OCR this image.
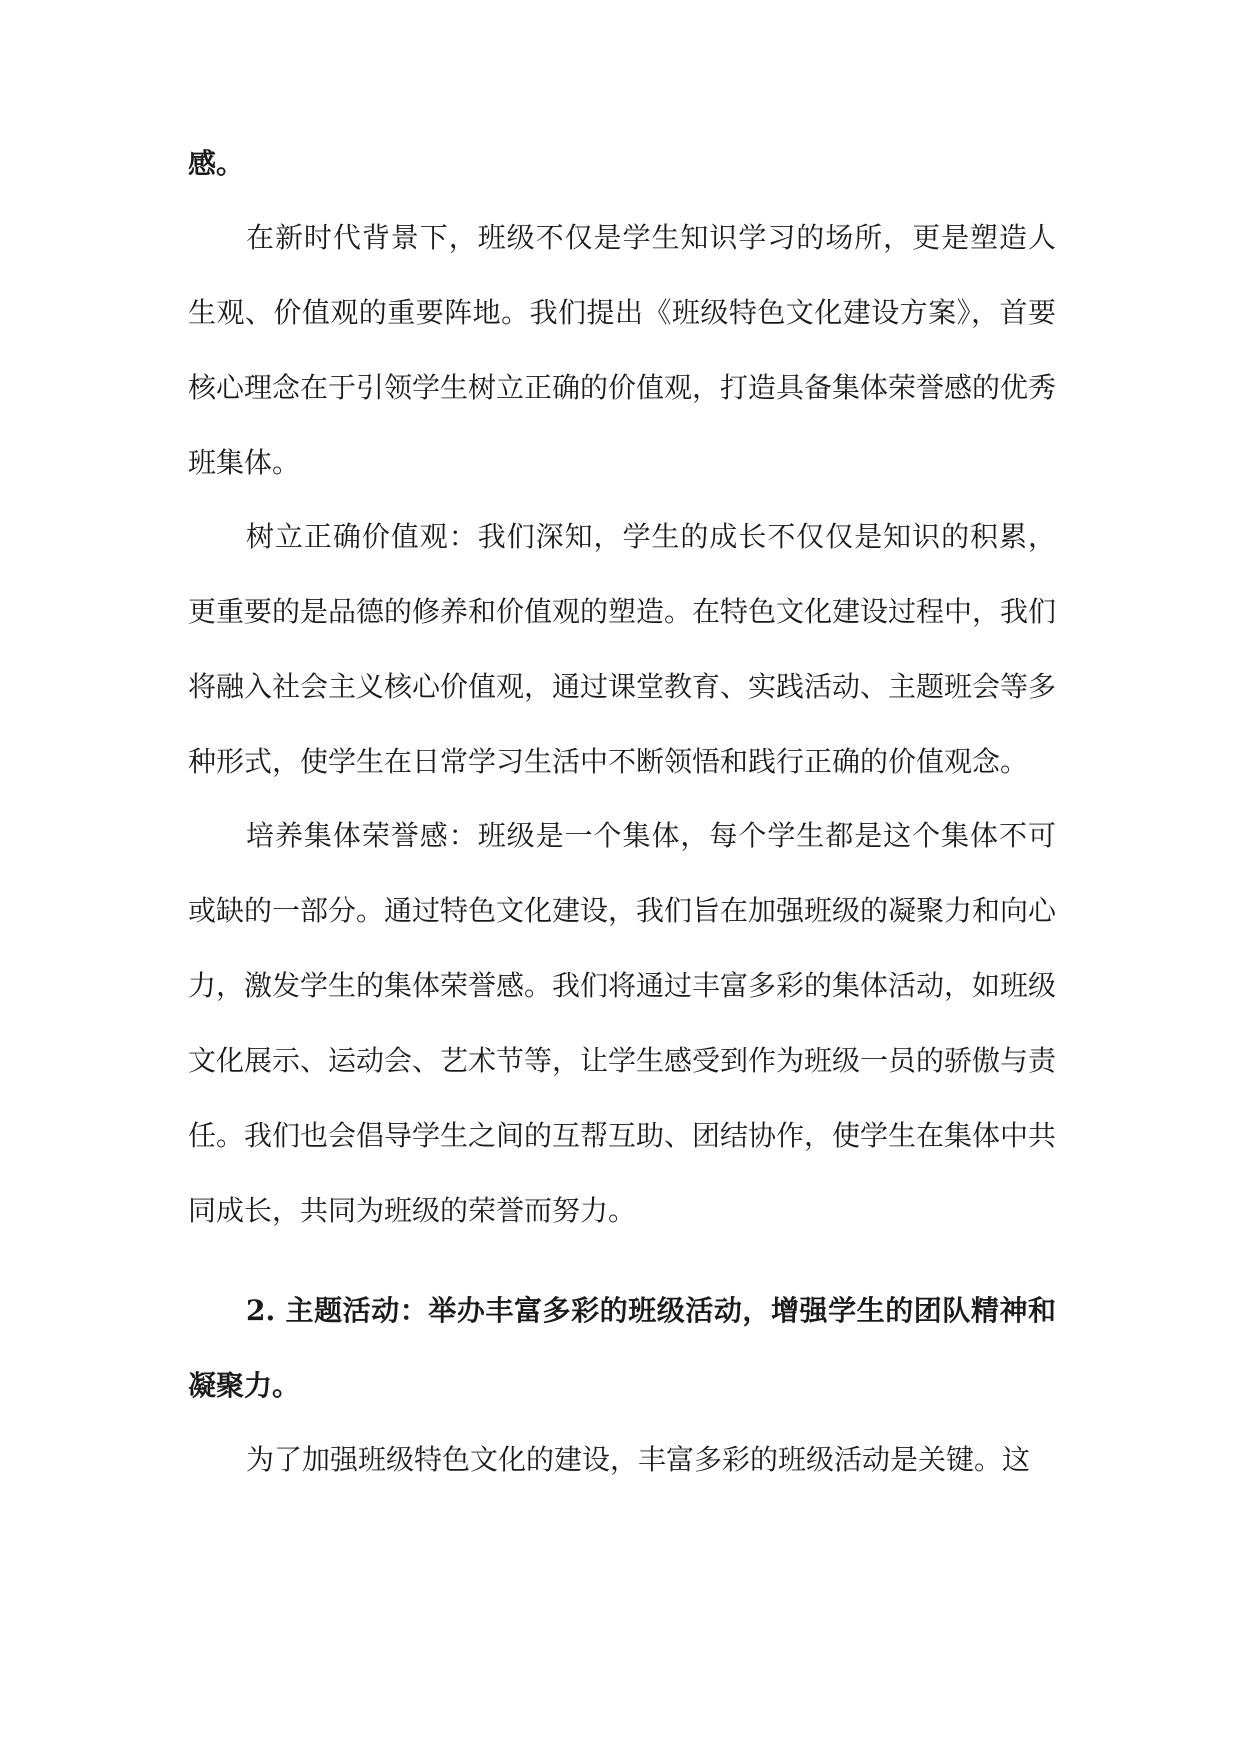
感。

在新时代背景下，班级不仅是学生知识学习的场所，更是塑造人生观、价值观的重要阵地。我们提出《班级特色文化建设方案》，首要核心理念在于引领学生树立正确的价值观，打造具备集体荣誉感的优秀班集体。

树立正确价值观：我们深知，学生的成长不仅仅是知识的积累，更重要的是品德的修养和价值观的塑造。在特色文化建设过程中，我们将融入社会主义核心价值观，通过课堂教育、实践活动、主题班会等多种形式，使学生在日常学习生活中不断领悟和践行正确的价值观念。

培养集体荣誉感：班级是一个集体，每个学生都是这个集体不可或缺的一部分。通过特色文化建设，我们旨在加强班级的凝聚力和向心力，激发学生的集体荣誉感。我们将通过丰富多彩的集体活动，如班级文化展示、运动会、艺术节等，让学生感受到作为班级一员的骄傲与责任。我们也会倡导学生之间的互帮互助、团结协作，使学生在集体中共同成长，共同为班级的荣誉而努力。

2. 主题活动：举办丰富多彩的班级活动，增强学生的团队精神和凝聚力。

为了加强班级特色文化的建设，丰富多彩的班级活动是关键。这
